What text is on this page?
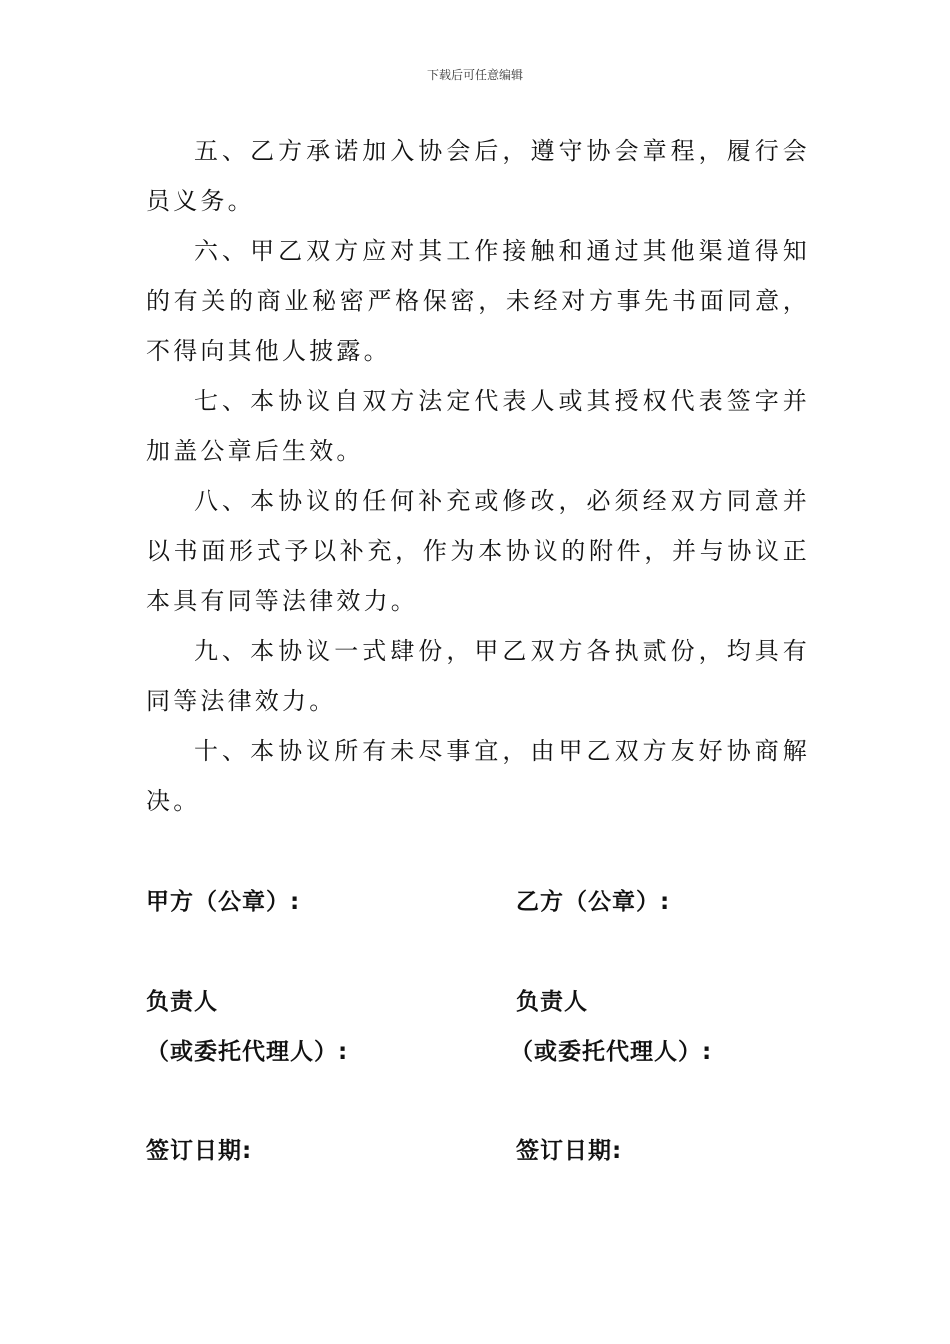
下载后可任意编辑

五、乙方承诺加入协会后，遵守协会章程，履行会员义务。

六、甲乙双方应对其工作接触和通过其他渠道得知的有关的商业秘密严格保密，未经对方事先书面同意，不得向其他人披露。

七、本协议自双方法定代表人或其授权代表签字并加盖公章后生效。

八、本协议的任何补充或修改，必须经双方同意并以书面形式予以补充，作为本协议的附件，并与协议正本具有同等法律效力。

九、本协议一式肆份，甲乙双方各执贰份，均具有同等法律效力。

十、本协议所有未尽事宜，由甲乙双方友好协商解决。

甲方（公章）:
负责人
（或委托代理人）:
签订日期:
乙方（公章）:
负责人
（或委托代理人）:
签订日期:
